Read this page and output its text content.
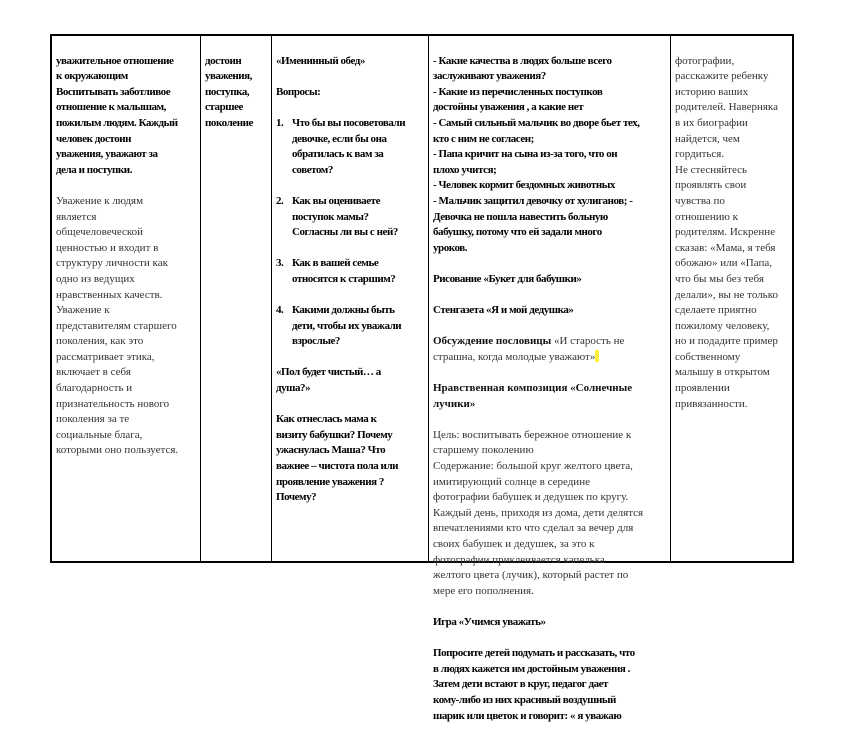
уважительное отношение
к окружающим
Воспитывать заботливое
отношение к малышам,
пожилым людям. Каждый
человек достоин
уважения, уважают за
дела и поступки.

Уважение к людям
является
общечеловеческой
ценностью и входит в
структуру личности как
одно из ведущих
нравственных качеств.
Уважение к
представителям старшего
поколения, как это
рассматривает этика,
включает в себя
благодарность и
признательность нового
поколения за те
социальные блага,
которыми оно пользуется.

достоин
уважения,
поступка,
старшее
поколение

«Именинный обед»

Вопросы:

1. Что бы вы посоветовали
девочке, если бы она
обратилась к вам за
советом?

2. Как вы оцениваете
поступок мамы?
Согласны ли вы с ней?

3. Как в вашей семье
относятся к старшим?

4. Какими должны быть
дети, чтобы их уважали
взрослые?

«Пол будет чистый… а
душа?»

Как отнеслась мама к
визиту бабушки? Почему
ужаснулась Маша? Что
важнее – чистота пола или
проявление уважения ?
Почему?

- Какие качества в людях больше всего
заслуживают уважения?
- Какие из перечисленных поступков
достойны уважения , а какие нет
- Самый сильный мальчик во дворе бьет тех,
кто с ним не согласен;
- Папа кричит на сына из-за того, что он
плохо учится;
- Человек кормит бездомных животных
- Мальчик защитил девочку от хулиганов; -
Девочка не пошла навестить больную
бабушку, потому что ей задали много
уроков.

Рисование «Букет для бабушки»

Стенгазета «Я и мой дедушка»

Обсуждение пословицы «И старость не
страшна, когда молодые уважают»

Нравственная композиция «Солнечные
лучики»

Цель: воспитывать бережное отношение к
старшему поколению
Содержание: большой круг желтого цвета,
имитирующий солнце в середине
фотографии бабушек и дедушек по кругу.
Каждый день, приходя из дома, дети делятся
впечатлениями кто что сделал за вечер для
своих бабушек и дедушек, за это к
фотографии приклеивается капелька
желтого цвета (лучик), который растет по
мере его пополнения.

Игра «Учимся уважать»

Попросите детей подумать и рассказать, что
в людях кажется им достойным уважения .
Затем дети встают в круг, педагог дает
кому-либо из них красивый воздушный
шарик или цветок и говорит: « я уважаю

фотографии,
расскажите ребенку
историю ваших
родителей. Наверняка
в их биографии
найдется, чем
гордиться.
Не стесняйтесь
проявлять свои
чувства по
отношению к
родителям. Искренне
сказав: «Мама, я тебя
обожаю» или «Папа,
что бы мы без тебя
делали», вы не только
сделаете приятно
пожилому человеку,
но и подадите пример
собственному
малышу в открытом
проявлении
привязанности.
